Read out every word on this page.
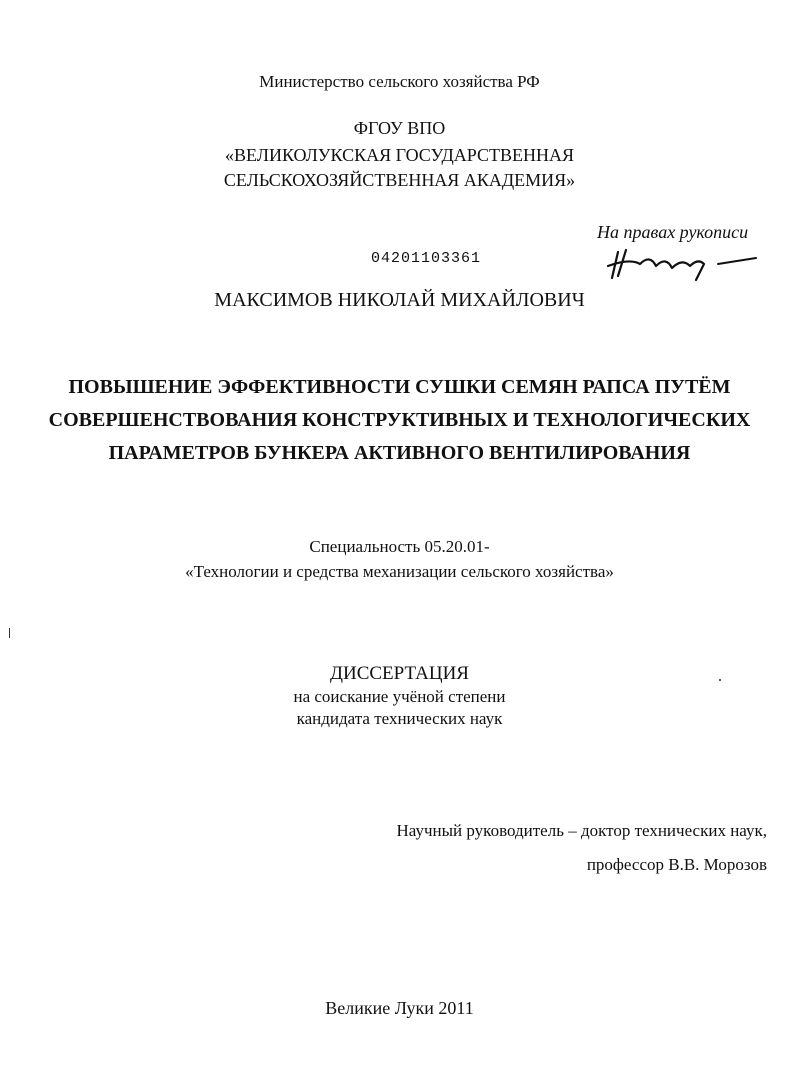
Министерство сельского хозяйства РФ
ФГОУ ВПО
«ВЕЛИКОЛУКСКАЯ ГОСУДАРСТВЕННАЯ
СЕЛЬСКОХОЗЯЙСТВЕННАЯ АКАДЕМИЯ»
На правах рукописи
04201103361
МАКСИМОВ НИКОЛАЙ МИХАЙЛОВИЧ
ПОВЫШЕНИЕ ЭФФЕКТИВНОСТИ СУШКИ СЕМЯН РАПСА ПУТЁМ
СОВЕРШЕНСТВОВАНИЯ КОНСТРУКТИВНЫХ И ТЕХНОЛОГИЧЕСКИХ
ПАРАМЕТРОВ БУНКЕРА АКТИВНОГО ВЕНТИЛИРОВАНИЯ
Специальность 05.20.01-
«Технологии и средства механизации сельского хозяйства»
ДИССЕРТАЦИЯ
на соискание учёной степени
кандидата технических наук
Научный руководитель – доктор технических наук,
профессор В.В. Морозов
Великие Луки 2011
